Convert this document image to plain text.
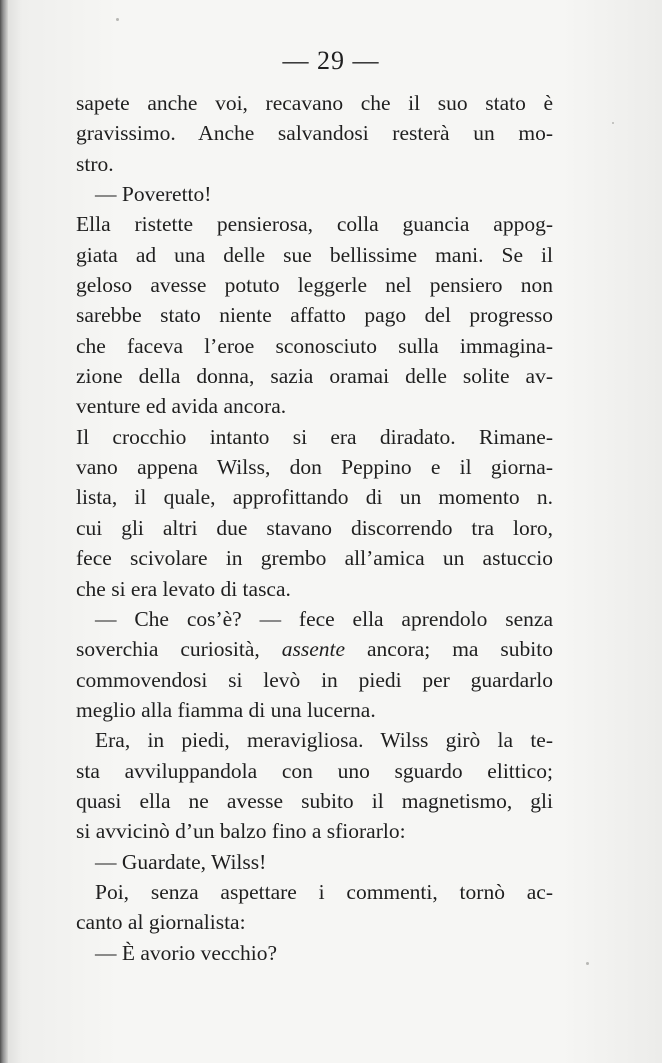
— 29 —
sapete anche voi, recavano che il suo stato è
gravissimo. Anche salvandosi resterà un mo-
stro.
— Poveretto!
Ella ristette pensierosa, colla guancia appog-
giata ad una delle sue bellissime mani. Se il
geloso avesse potuto leggerle nel pensiero non
sarebbe stato niente affatto pago del progresso
che faceva l’eroe sconosciuto sulla immagina-
zione della donna, sazia oramai delle solite av-
venture ed avida ancora.
Il crocchio intanto si era diradato. Rimane-
vano appena Wilss, don Peppino e il giorna-
lista, il quale, approfittando di un momento n.
cui gli altri due stavano discorrendo tra loro,
fece scivolare in grembo all’amica un astuccio
che si era levato di tasca.
— Che cos’è? — fece ella aprendolo senza
soverchia curiosità, assente ancora; ma subito
commovendosi si levò in piedi per guardarlo
meglio alla fiamma di una lucerna.
Era, in piedi, meravigliosa. Wilss girò la te-
sta avviluppandola con uno sguardo elittico;
quasi ella ne avesse subito il magnetismo, gli
si avvicinò d’un balzo fino a sfiorarlo:
— Guardate, Wilss!
Poi, senza aspettare i commenti, tornò ac-
canto al giornalista:
— È avorio vecchio?
